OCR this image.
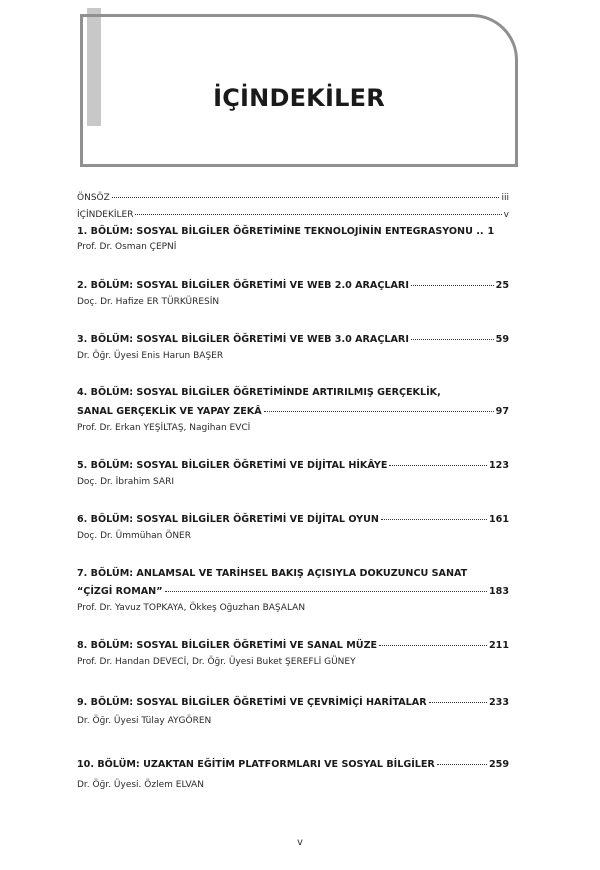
İÇİNDEKİLER
ÖNSÖZ	iii
İÇİNDEKİLER	v
1. BÖLÜM: SOSYAL BİLGİLER ÖĞRETİMİNE TEKNOLOJİNİN ENTEGRASYONU .. 1
Prof. Dr. Osman ÇEPNİ
2. BÖLÜM: SOSYAL BİLGİLER ÖĞRETİMİ VE WEB 2.0 ARAÇLARI	25
Doç. Dr. Hafize ER TÜRKÜRESİN
3. BÖLÜM: SOSYAL BİLGİLER ÖĞRETİMİ VE WEB 3.0 ARAÇLARI	59
Dr. Öğr. Üyesi Enis Harun BAŞER
4. BÖLÜM: SOSYAL BİLGİLER ÖĞRETİMİNDE ARTIRILMIŞ GERÇEKLİK,
SANAL GERÇEKLİK VE YAPAY ZEKÂ	97
Prof. Dr. Erkan YEŞİLTAŞ, Nagihan EVCİ
5. BÖLÜM: SOSYAL BİLGİLER ÖĞRETİMİ VE DİJİTAL HİKÂYE	123
Doç. Dr. İbrahim SARI
6. BÖLÜM: SOSYAL BİLGİLER ÖĞRETİMİ VE DİJİTAL OYUN	161
Doç. Dr. Ümmühan ÖNER
7. BÖLÜM: ANLAMSAL VE TARİHSEL BAKIŞ AÇISIYLA DOKUZUNCU SANAT
“ÇİZGİ ROMAN”	183
Prof. Dr. Yavuz TOPKAYA, Ökkeş Oğuzhan BAŞALAN
8. BÖLÜM: SOSYAL BİLGİLER ÖĞRETİMİ VE SANAL MÜZE	211
Prof. Dr. Handan DEVECİ, Dr. Öğr. Üyesi Buket ŞEREFLİ GÜNEY
9. BÖLÜM: SOSYAL BİLGİLER ÖĞRETİMİ VE ÇEVRİMİÇİ HARİTALAR	233
Dr. Öğr. Üyesi Tülay AYGÖREN
10. BÖLÜM: UZAKTAN EĞİTİM PLATFORMLARI VE SOSYAL BİLGİLER	259
Dr. Öğr. Üyesi. Özlem ELVAN
v
